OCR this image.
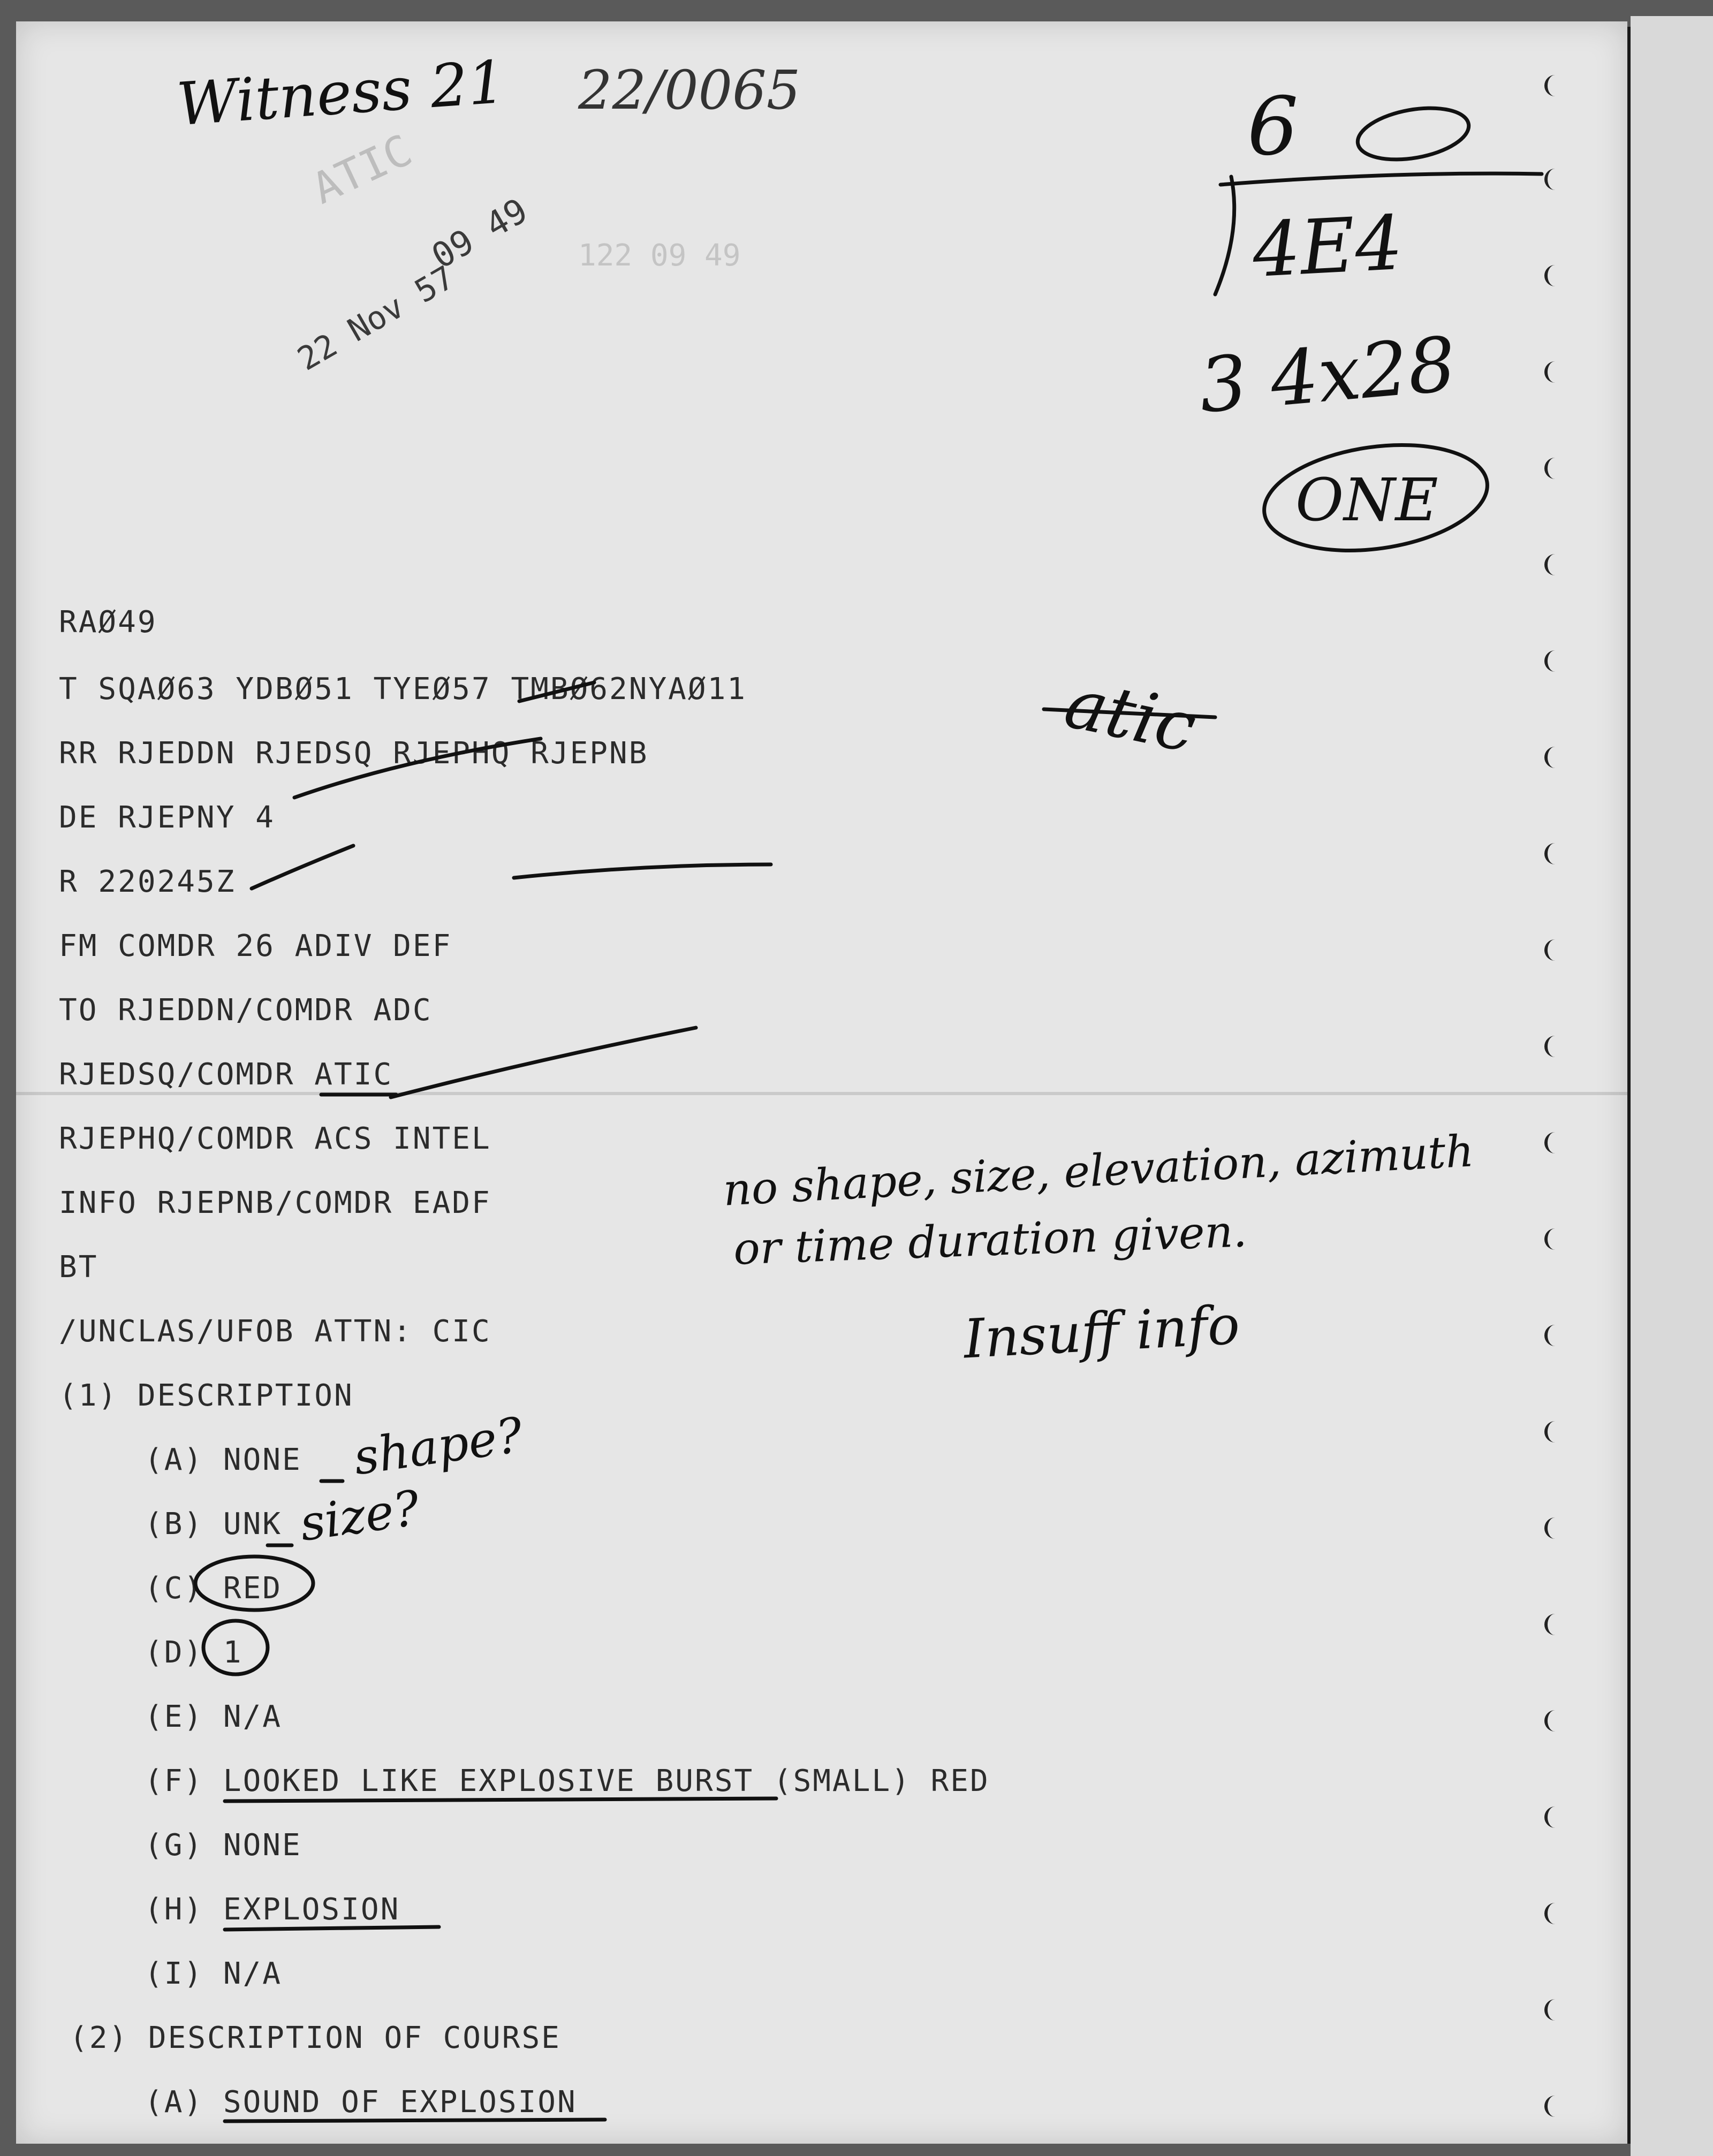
Witness 21 22/0065
ATIC
22 Nov 57
09 49 122 09 49
6
4E4
3 4x28
ONE
atic
RAØ49
T SQAØ63 YDBØ51 TYEØ57 TMBØ62NYAØ11
RR RJEDDN RJEDSQ RJEPHQ RJEPNB
DE RJEPNY 4
R 220245Z
FM COMDR 26 ADIV DEF
TO RJEDDN/COMDR ADC
RJEDSQ/COMDR ATIC
RJEPHQ/COMDR ACS INTEL
INFO RJEPNB/COMDR EADF
BT
/UNCLAS/UFOB ATTN: CIC
(1) DESCRIPTION
(A) NONE
(B) UNK
(C) RED
(D) 1
(E) N/A
(F) LOOKED LIKE EXPLOSIVE BURST (SMALL) RED
(G) NONE
(H) EXPLOSION
(I) N/A
(2) DESCRIPTION OF COURSE
(A) SOUND OF EXPLOSION
shape?
size?
no shape, size, elevation, azimuth
or time duration given.
Insuff info
